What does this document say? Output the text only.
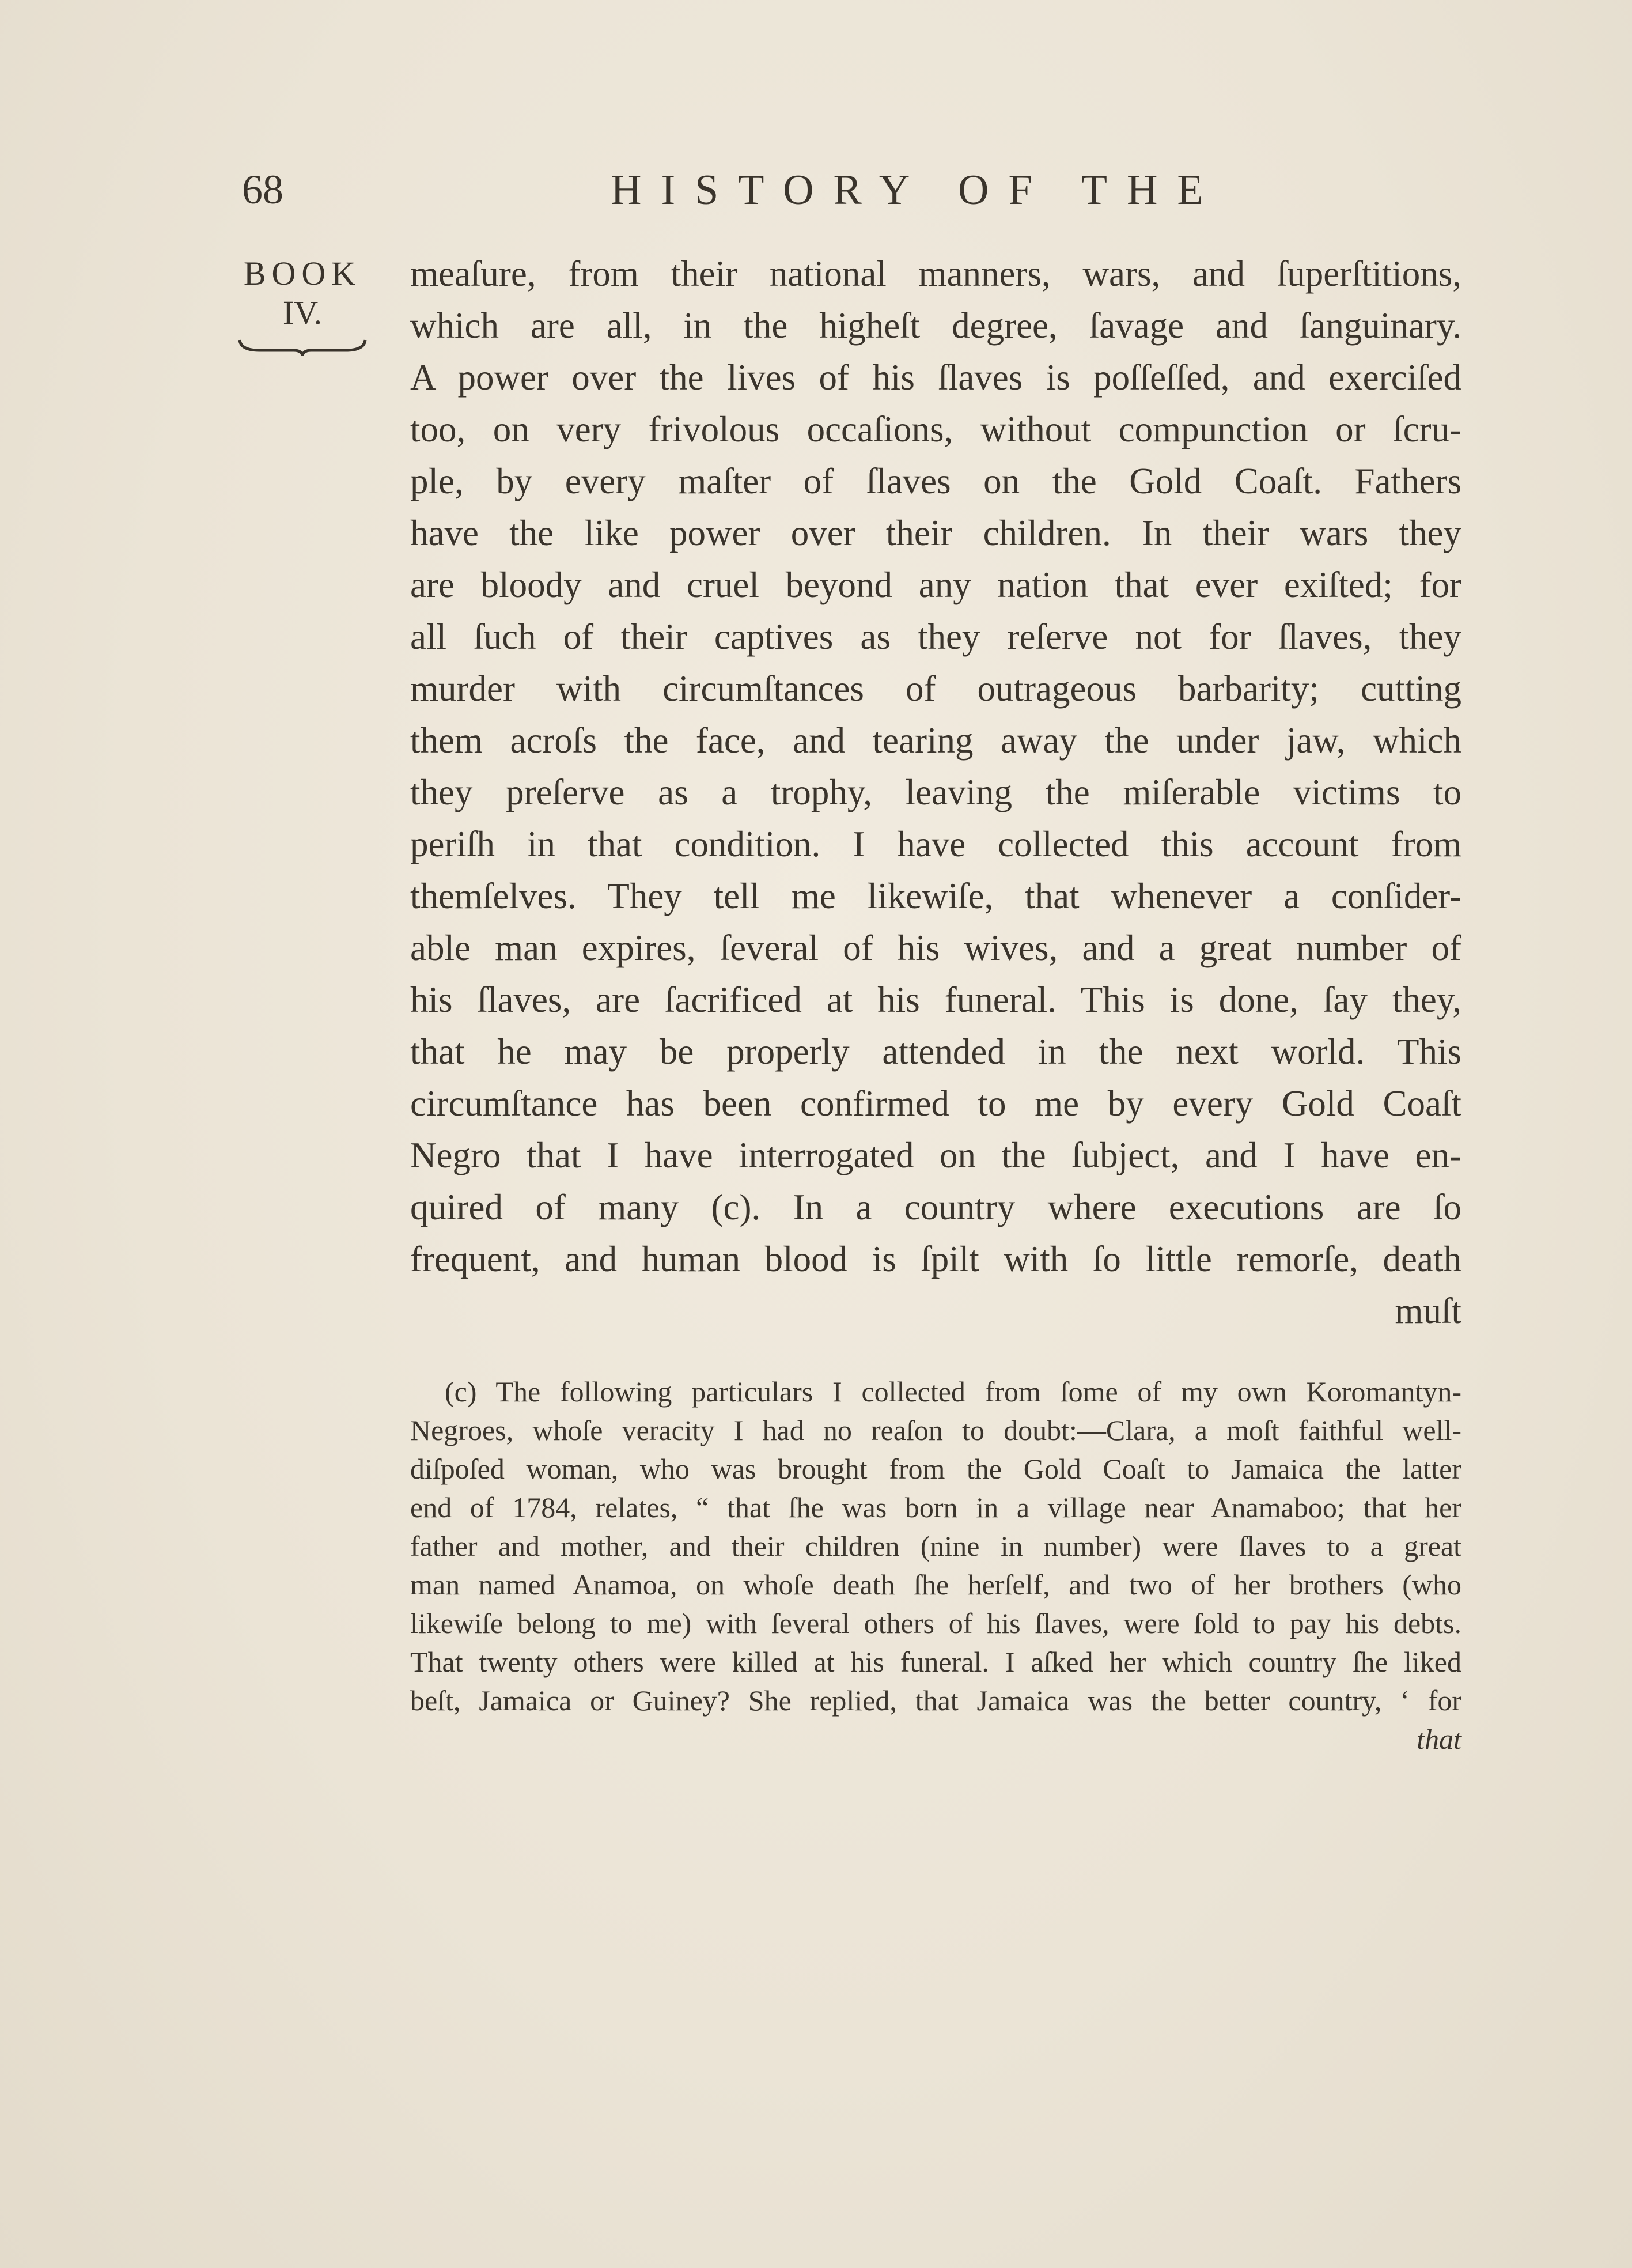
68	HISTORY OF THE
BOOK
IV.
meaſure, from their national manners, wars, and ſuperſtitions,
which are all, in the higheſt degree, ſavage and ſanguinary.
A power over the lives of his ſlaves is poſſeſſed, and exerciſed
too, on very frivolous occaſions, without compunction or ſcru-
ple, by every maſter of ſlaves on the Gold Coaſt. Fathers
have the like power over their children. In their wars they
are bloody and cruel beyond any nation that ever exiſted; for
all ſuch of their captives as they reſerve not for ſlaves, they
murder with circumſtances of outrageous barbarity; cutting
them acroſs the face, and tearing away the under jaw, which
they preſerve as a trophy, leaving the miſerable victims to
periſh in that condition. I have collected this account from
themſelves. They tell me likewiſe, that whenever a conſider-
able man expires, ſeveral of his wives, and a great number of
his ſlaves, are ſacrificed at his funeral. This is done, ſay they,
that he may be properly attended in the next world. This
circumſtance has been confirmed to me by every Gold Coaſt
Negro that I have interrogated on the ſubject, and I have en-
quired of many (c). In a country where executions are ſo
frequent, and human blood is ſpilt with ſo little remorſe, death
muſt
(c) The following particulars I collected from ſome of my own Koromantyn-
Negroes, whoſe veracity I had no reaſon to doubt:—Clara, a moſt faithful well-
diſpoſed woman, who was brought from the Gold Coaſt to Jamaica the latter
end of 1784, relates, “ that ſhe was born in a village near Anamaboo; that her
father and mother, and their children (nine in number) were ſlaves to a great
man named Anamoa, on whoſe death ſhe herſelf, and two of her brothers (who
likewiſe belong to me) with ſeveral others of his ſlaves, were ſold to pay his debts.
That twenty others were killed at his funeral. I aſked her which country ſhe liked
beſt, Jamaica or Guiney? She replied, that Jamaica was the better country, ‘ for
that
